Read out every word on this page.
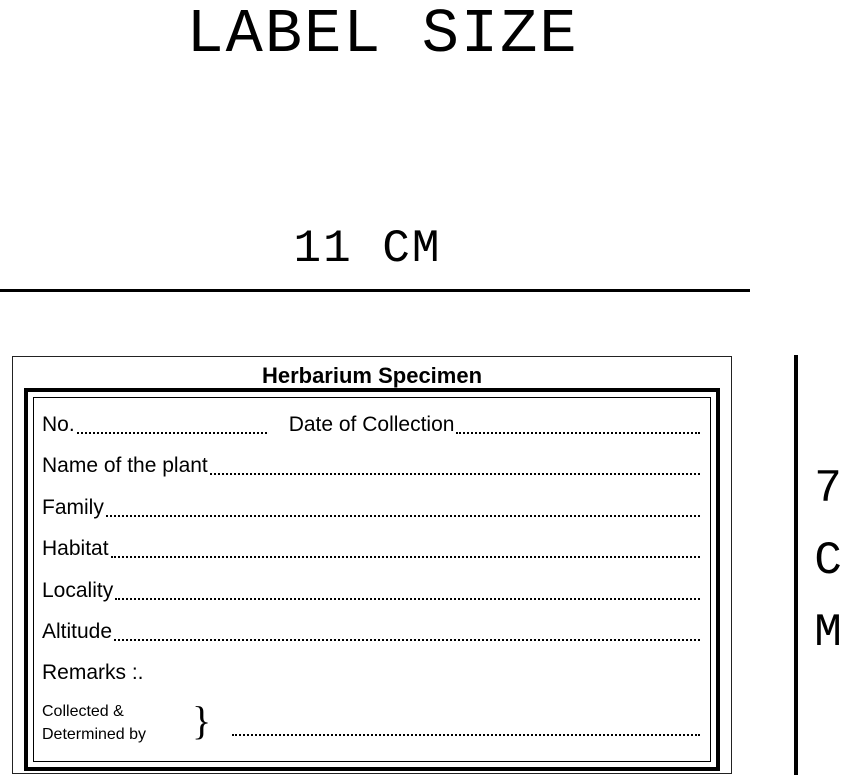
LABEL SIZE
11 CM
7
C
M
Herbarium Specimen
No.	Date of Collection
Name of the plant
Family
Habitat
Locality
Altitude
Remarks :.
Collected &
Determined by }
